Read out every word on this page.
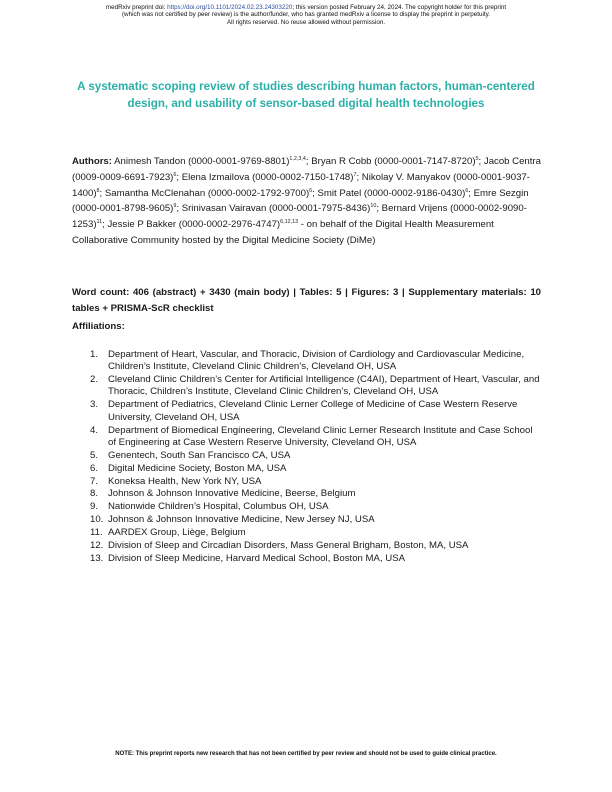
medRxiv preprint doi: https://doi.org/10.1101/2024.02.23.24303220; this version posted February 24, 2024. The copyright holder for this preprint
(which was not certified by peer review) is the author/funder, who has granted medRxiv a license to display the preprint in perpetuity.
All rights reserved. No reuse allowed without permission.
A systematic scoping review of studies describing human factors, human-centered design, and usability of sensor-based digital health technologies
Authors: Animesh Tandon $(0000-0001-9769-8801)^{1,2,3,4}$; Bryan R Cobb $(0000-0001-7147-8720)^5$; Jacob Centra $(0009-0009-6691-7923)^6$; Elena Izmailova $(0000-0002-7150-1748)^7$; Nikolay V. Manyakov $(0000-0001-9037-1400)^8$; Samantha McClenahan $(0000-0002-1792-9700)^6$; Smit Patel $(0000-0002-9186-0430)^6$; Emre Sezgin $(0000-0001-8798-9605)^9$; Srinivasan Vairavan $(0000-0001-7975-8436)^{10}$; Bernard Vrijens $(0000-0002-9090-1253)^{11}$; Jessie P Bakker $(0000-0002-2976-4747)^{6,12,13}$ - on behalf of the Digital Health Measurement Collaborative Community hosted by the Digital Medicine Society (DiMe)
Word count: 406 (abstract) + 3430 (main body) | Tables: 5 | Figures: 3 | Supplementary materials: 10 tables + PRISMA-ScR checklist
Affiliations:
1. Department of Heart, Vascular, and Thoracic, Division of Cardiology and Cardiovascular Medicine, Children’s Institute, Cleveland Clinic Children’s, Cleveland OH, USA
2. Cleveland Clinic Children’s Center for Artificial Intelligence (C4AI), Department of Heart, Vascular, and Thoracic, Children’s Institute, Cleveland Clinic Children’s, Cleveland OH, USA
3. Department of Pediatrics, Cleveland Clinic Lerner College of Medicine of Case Western Reserve University, Cleveland OH, USA
4. Department of Biomedical Engineering, Cleveland Clinic Lerner Research Institute and Case School of Engineering at Case Western Reserve University, Cleveland OH, USA
5. Genentech, South San Francisco CA, USA
6. Digital Medicine Society, Boston MA, USA
7. Koneksa Health, New York NY, USA
8. Johnson & Johnson Innovative Medicine, Beerse, Belgium
9. Nationwide Children’s Hospital, Columbus OH, USA
10. Johnson & Johnson Innovative Medicine, New Jersey NJ, USA
11. AARDEX Group, Liège, Belgium
12. Division of Sleep and Circadian Disorders, Mass General Brigham, Boston, MA, USA
13. Division of Sleep Medicine, Harvard Medical School, Boston MA, USA
NOTE: This preprint reports new research that has not been certified by peer review and should not be used to guide clinical practice.
